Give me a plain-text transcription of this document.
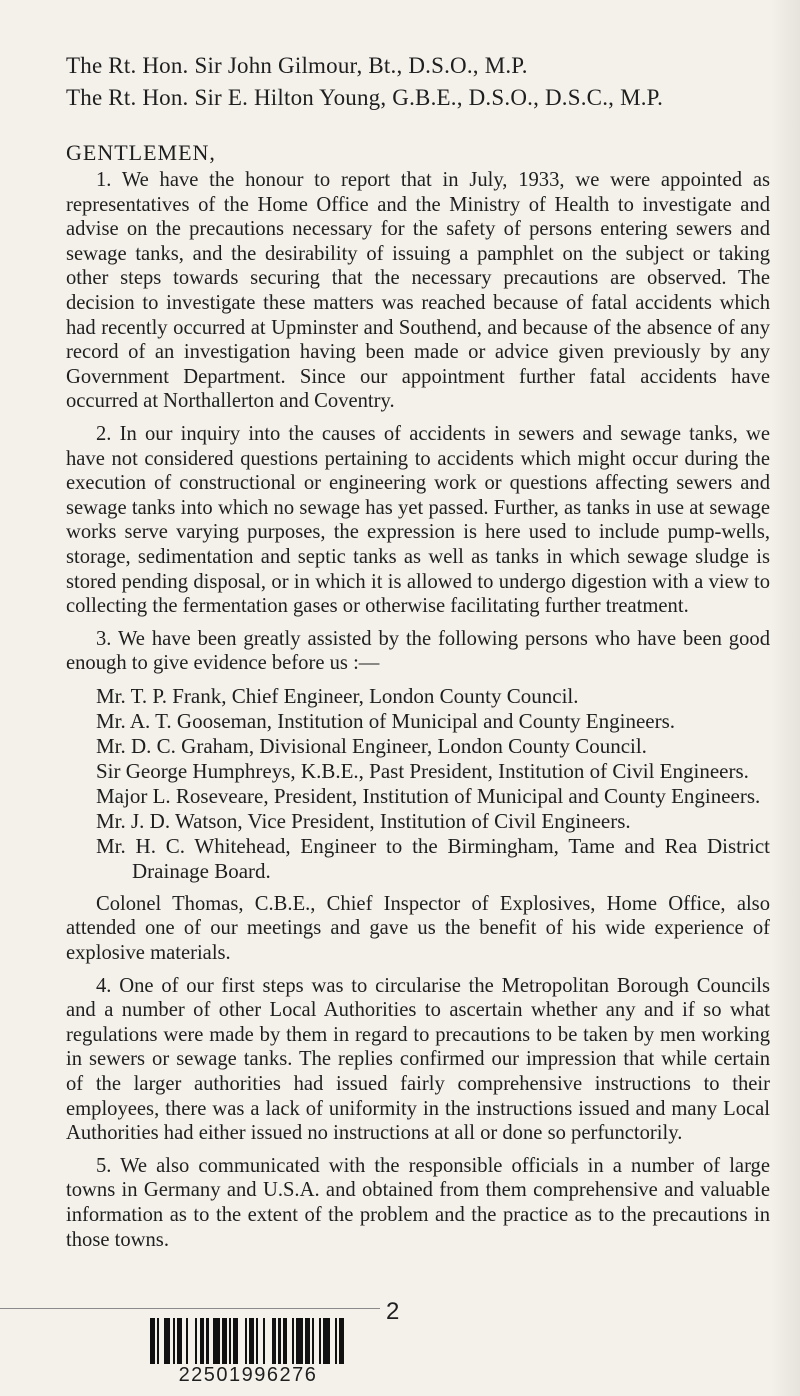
The Rt. Hon. Sir John Gilmour, Bt., D.S.O., M.P.
The Rt. Hon. Sir E. Hilton Young, G.B.E., D.S.O., D.S.C., M.P.
GENTLEMEN,

1. We have the honour to report that in July, 1933, we were appointed as representatives of the Home Office and the Ministry of Health to investigate and advise on the precautions necessary for the safety of persons entering sewers and sewage tanks, and the desirability of issuing a pamphlet on the subject or taking other steps towards securing that the necessary precautions are observed. The decision to investigate these matters was reached because of fatal accidents which had recently occurred at Upminster and Southend, and because of the absence of any record of an investigation having been made or advice given previously by any Government Department. Since our appointment further fatal accidents have occurred at Northallerton and Coventry.

2. In our inquiry into the causes of accidents in sewers and sewage tanks, we have not considered questions pertaining to accidents which might occur during the execution of constructional or engineering work or questions affecting sewers and sewage tanks into which no sewage has yet passed. Further, as tanks in use at sewage works serve varying purposes, the expression is here used to include pump-wells, storage, sedimentation and septic tanks as well as tanks in which sewage sludge is stored pending disposal, or in which it is allowed to undergo digestion with a view to collecting the fermentation gases or otherwise facilitating further treatment.

3. We have been greatly assisted by the following persons who have been good enough to give evidence before us :—

Mr. T. P. Frank, Chief Engineer, London County Council.

Mr. A. T. Gooseman, Institution of Municipal and County Engineers.

Mr. D. C. Graham, Divisional Engineer, London County Council.

Sir George Humphreys, K.B.E., Past President, Institution of Civil Engineers.

Major L. Roseveare, President, Institution of Municipal and County Engineers.

Mr. J. D. Watson, Vice President, Institution of Civil Engineers.

Mr. H. C. Whitehead, Engineer to the Birmingham, Tame and Rea District Drainage Board.

Colonel Thomas, C.B.E., Chief Inspector of Explosives, Home Office, also attended one of our meetings and gave us the benefit of his wide experience of explosive materials.

4. One of our first steps was to circularise the Metropolitan Borough Councils and a number of other Local Authorities to ascertain whether any and if so what regulations were made by them in regard to precautions to be taken by men working in sewers or sewage tanks. The replies confirmed our impression that while certain of the larger authorities had issued fairly comprehensive instructions to their employees, there was a lack of uniformity in the instructions issued and many Local Authorities had either issued no instructions at all or done so perfunctorily.

5. We also communicated with the responsible officials in a number of large towns in Germany and U.S.A. and obtained from them comprehensive and valuable information as to the extent of the problem and the practice as to the precautions in those towns.

2
22501996276
